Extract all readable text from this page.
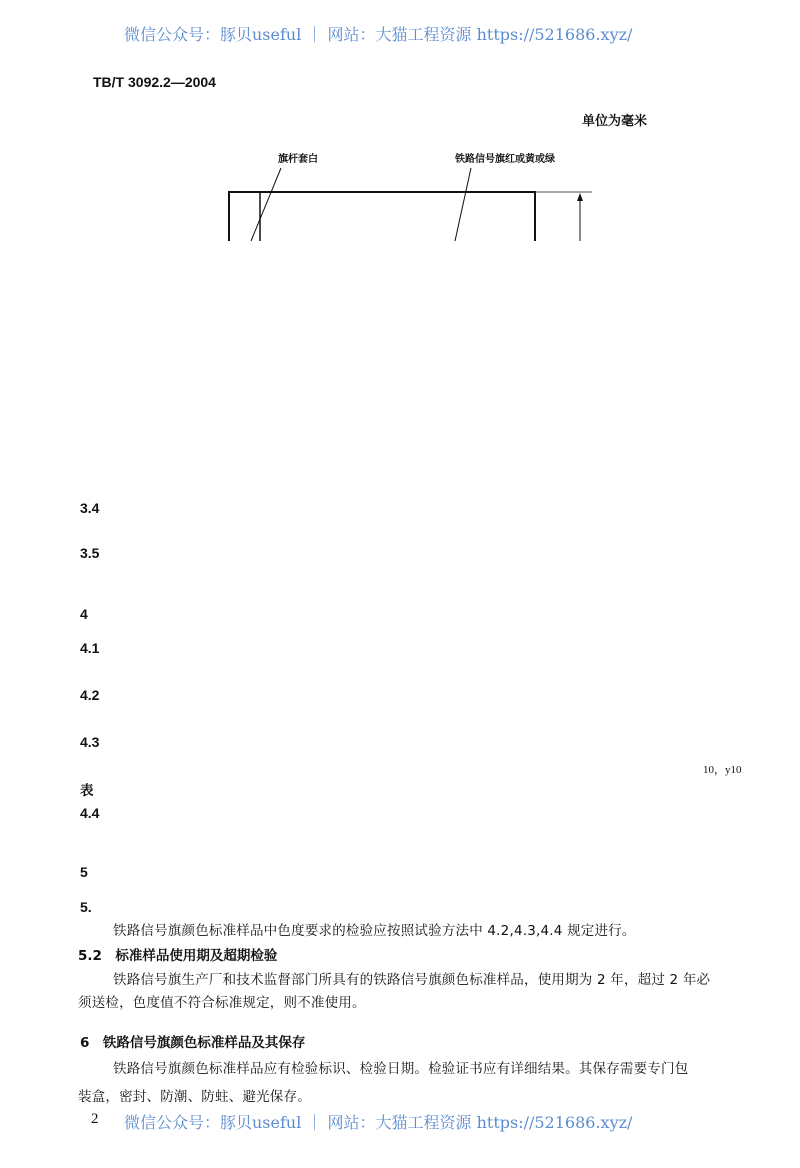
微信公众号：豚贝useful ｜ 网站：大猫工程资源 https://521686.xyz/
TB/T 3092.2—2004
单位为毫米
旗杆套白	铁路信号旗红或黄或绿
3.4
3.5
4
4.1
4.2
4.3
表
4.4
5
5.
10，y10
铁路信号旗颜色标准样品中色度要求的检验应按照试验方法中 4.2,4.3,4.4 规定进行。
5.2　标准样品使用期及超期检验
铁路信号旗生产厂和技术监督部门所具有的铁路信号旗颜色标准样品，使用期为 2 年，超过 2 年必
须送检，色度值不符合标准规定，则不准使用。
6　铁路信号旗颜色标准样品及其保存
铁路信号旗颜色标准样品应有检验标识、检验日期。检验证书应有详细结果。其保存需要专门包
装盒，密封、防潮、防蛀、避光保存。
2 微信公众号：豚贝useful ｜ 网站：大猫工程资源 https://521686.xyz/
